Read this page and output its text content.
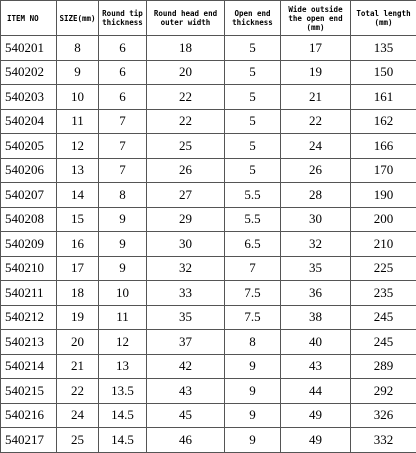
ITEM NO	SIZE(mm)	Round tip thickness	Round head end outer width	Open end thickness	Wide outside the open end (mm)	Total length (mm)
540201	8	6	18	5	17	135
540202	9	6	20	5	19	150
540203	10	6	22	5	21	161
540204	11	7	22	5	22	162
540205	12	7	25	5	24	166
540206	13	7	26	5	26	170
540207	14	8	27	5.5	28	190
540208	15	9	29	5.5	30	200
540209	16	9	30	6.5	32	210
540210	17	9	32	7	35	225
540211	18	10	33	7.5	36	235
540212	19	11	35	7.5	38	245
540213	20	12	37	8	40	245
540214	21	13	42	9	43	289
540215	22	13.5	43	9	44	292
540216	24	14.5	45	9	49	326
540217	25	14.5	46	9	49	332
